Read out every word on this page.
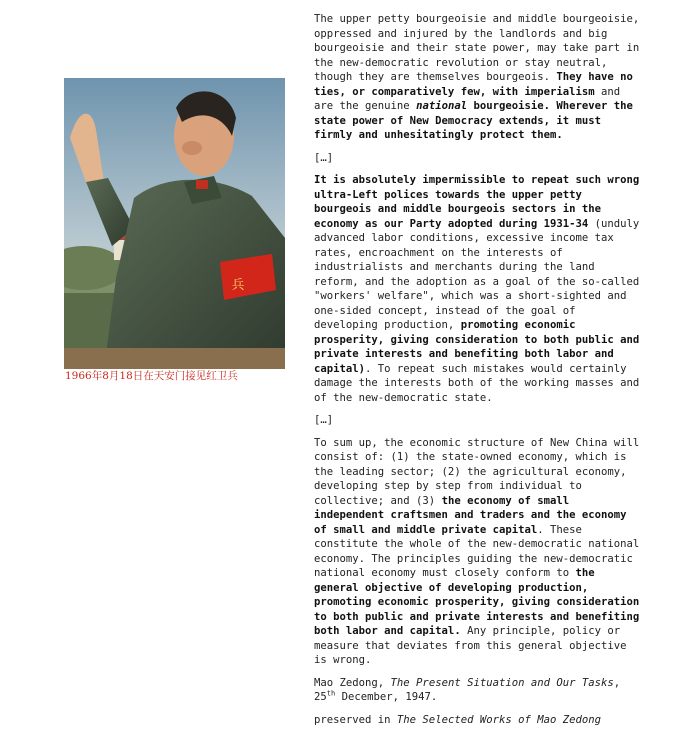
兵
1966年8月18日在天安门接见红卫兵

The upper petty bourgeoisie and middle bourgeoisie, oppressed and injured by the landlords and big bourgeoisie and their state power, may take part in the new-democratic revolution or stay neutral, though they are themselves bourgeois. They have no ties, or comparatively few, with imperialism and are the genuine national bourgeoisie. Wherever the state power of New Democracy extends, it must firmly and unhesitatingly protect them.

[…]

It is absolutely impermissible to repeat such wrong ultra-Left polices towards the upper petty bourgeois and middle bourgeois sectors in the economy as our Party adopted during 1931-34 (unduly advanced labor conditions, excessive income tax rates, encroachment on the interests of industrialists and merchants during the land reform, and the adoption as a goal of the so-called "workers' welfare", which was a short-sighted and one-sided concept, instead of the goal of developing production, promoting economic prosperity, giving consideration to both public and private interests and benefiting both labor and capital). To repeat such mistakes would certainly damage the interests both of the working masses and of the new-democratic state.

[…]

To sum up, the economic structure of New China will consist of: (1) the state-owned economy, which is the leading sector; (2) the agricultural economy, developing step by step from individual to collective; and (3) the economy of small independent craftsmen and traders and the economy of small and middle private capital. These constitute the whole of the new-democratic national economy. The principles guiding the new-democratic national economy must closely conform to the general objective of developing production, promoting economic prosperity, giving consideration to both public and private interests and benefiting both labor and capital. Any principle, policy or measure that deviates from this general objective is wrong.

Mao Zedong, The Present Situation and Our Tasks, 25th December, 1947.

preserved in The Selected Works of Mao Zedong
